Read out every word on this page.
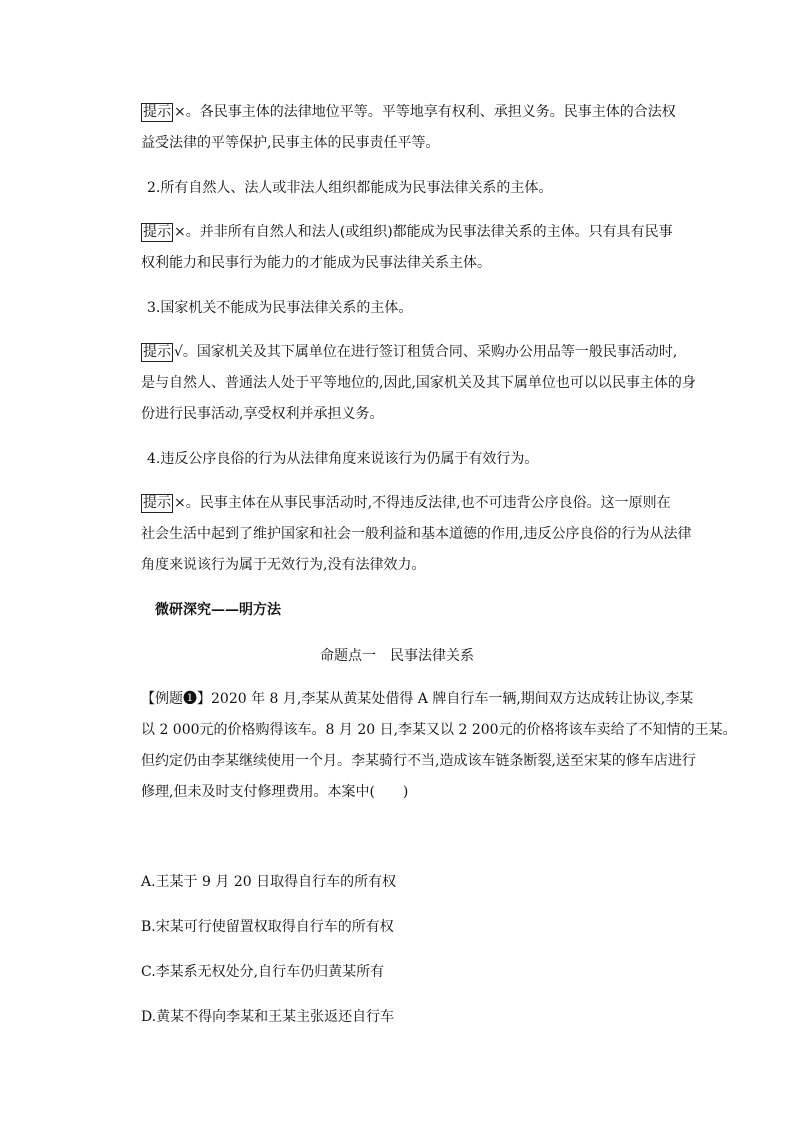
提示 ×。各民事主体的法律地位平等。平等地享有权利、承担义务。民事主体的合法权
益受法律的平等保护,民事主体的民事责任平等。
2.所有自然人、法人或非法人组织都能成为民事法律关系的主体。
提示 ×。并非所有自然人和法人(或组织)都能成为民事法律关系的主体。只有具有民事
权利能力和民事行为能力的才能成为民事法律关系主体。
3.国家机关不能成为民事法律关系的主体。
提示 √。国家机关及其下属单位在进行签订租赁合同、采购办公用品等一般民事活动时,
是与自然人、普通法人处于平等地位的,因此,国家机关及其下属单位也可以以民事主体的身
份进行民事活动,享受权利并承担义务。
4.违反公序良俗的行为从法律角度来说该行为仍属于有效行为。
提示 ×。民事主体在从事民事活动时,不得违反法律,也不可违背公序良俗。这一原则在
社会生活中起到了维护国家和社会一般利益和基本道德的作用,违反公序良俗的行为从法律
角度来说该行为属于无效行为,没有法律效力。
微研深究——明方法
命题点一　民事法律关系
【例题❶】2020 年 8 月,李某从黄某处借得 A 牌自行车一辆,期间双方达成转让协议,李某
以 2 000元的价格购得该车。8 月 20 日,李某又以 2 200元的价格将该车卖给了不知情的王某。
但约定仍由李某继续使用一个月。李某骑行不当,造成该车链条断裂,送至宋某的修车店进行
修理,但未及时支付修理费用。本案中(　　)
A.王某于 9 月 20 日取得自行车的所有权
B.宋某可行使留置权取得自行车的所有权
C.李某系无权处分,自行车仍归黄某所有
D.黄某不得向李某和王某主张返还自行车
